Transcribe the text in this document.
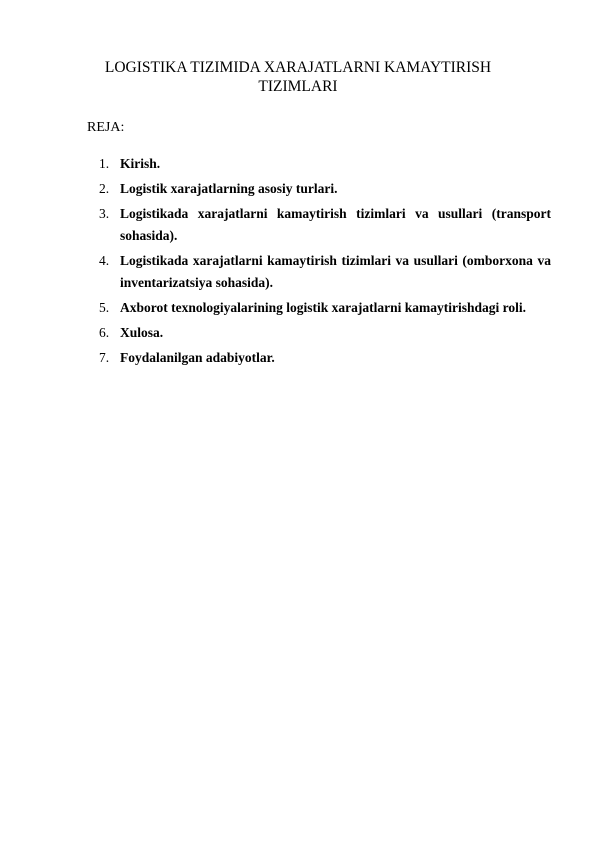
LOGISTIKA TIZIMIDA XARAJATLARNI KAMAYTIRISH TIZIMLARI

REJA:

1. Kirish.
2. Logistik xarajatlarning asosiy turlari.
3. Logistikada xarajatlarni kamaytirish tizimlari va usullari (transport sohasida).
4. Logistikada xarajatlarni kamaytirish tizimlari va usullari (omborxona va inventarizatsiya sohasida).
5. Axborot texnologiyalarining logistik xarajatlarni kamaytirishdagi roli.
6. Xulosa.
7. Foydalanilgan adabiyotlar.
